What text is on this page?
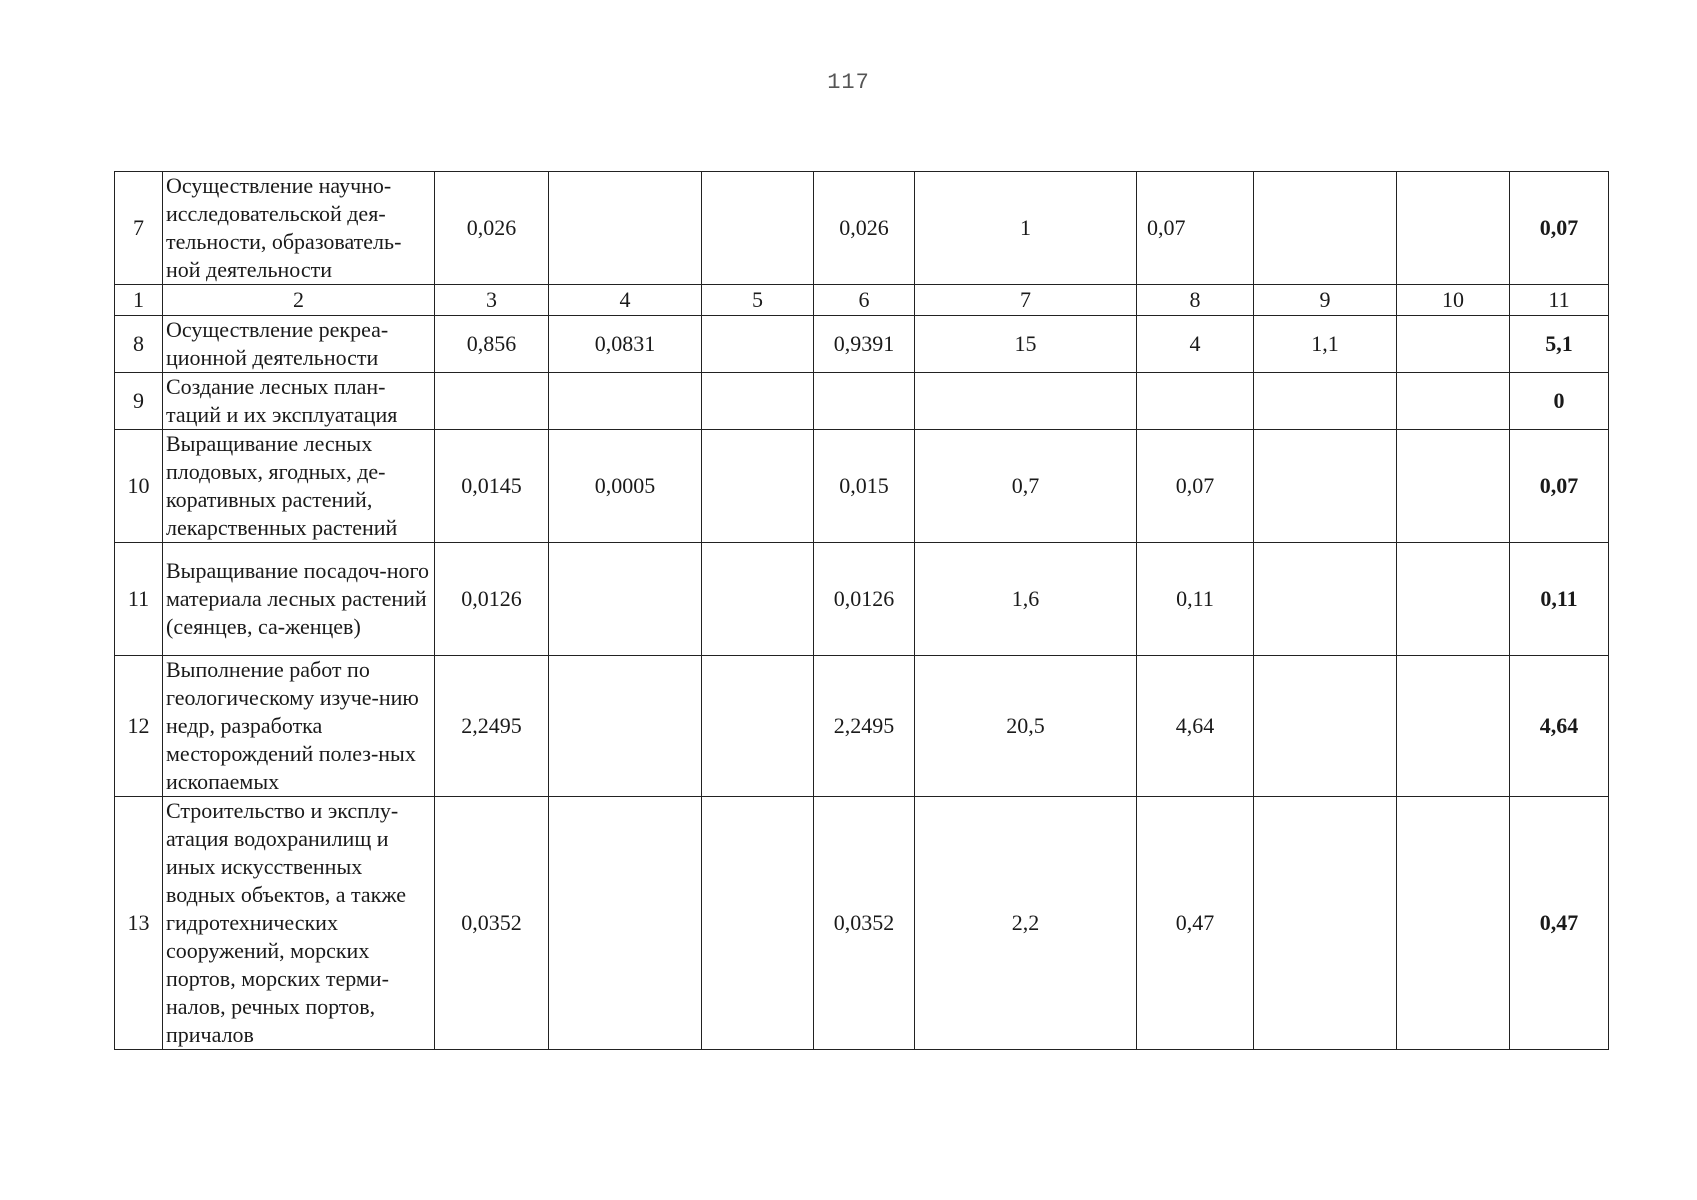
117
7	Осуществление научно-исследовательской дея-тельности, образователь-ной деятельности	0,026			0,026	1	0,07			0,07
1	2	3	4	5	6	7	8	9	10	11
8	Осуществление рекреа-ционной деятельности	0,856	0,0831		0,9391	15	4	1,1		5,1
9	Создание лесных план-таций и их эксплуатация									0
10	Выращивание лесных плодовых, ягодных, де-коративных растений, лекарственных растений	0,0145	0,0005		0,015	0,7	0,07			0,07
11	Выращивание посадоч-ного материала лесных растений (сеянцев, са-женцев)	0,0126			0,0126	1,6	0,11			0,11
12	Выполнение работ по геологическому изуче-нию недр, разработка месторождений полез-ных ископаемых	2,2495			2,2495	20,5	4,64			4,64
13	Строительство и эксплу-атация водохранилищ и иных искусственных водных объектов, а также гидротехнических сооружений, морских портов, морских терми-налов, речных портов, причалов	0,0352			0,0352	2,2	0,47			0,47
